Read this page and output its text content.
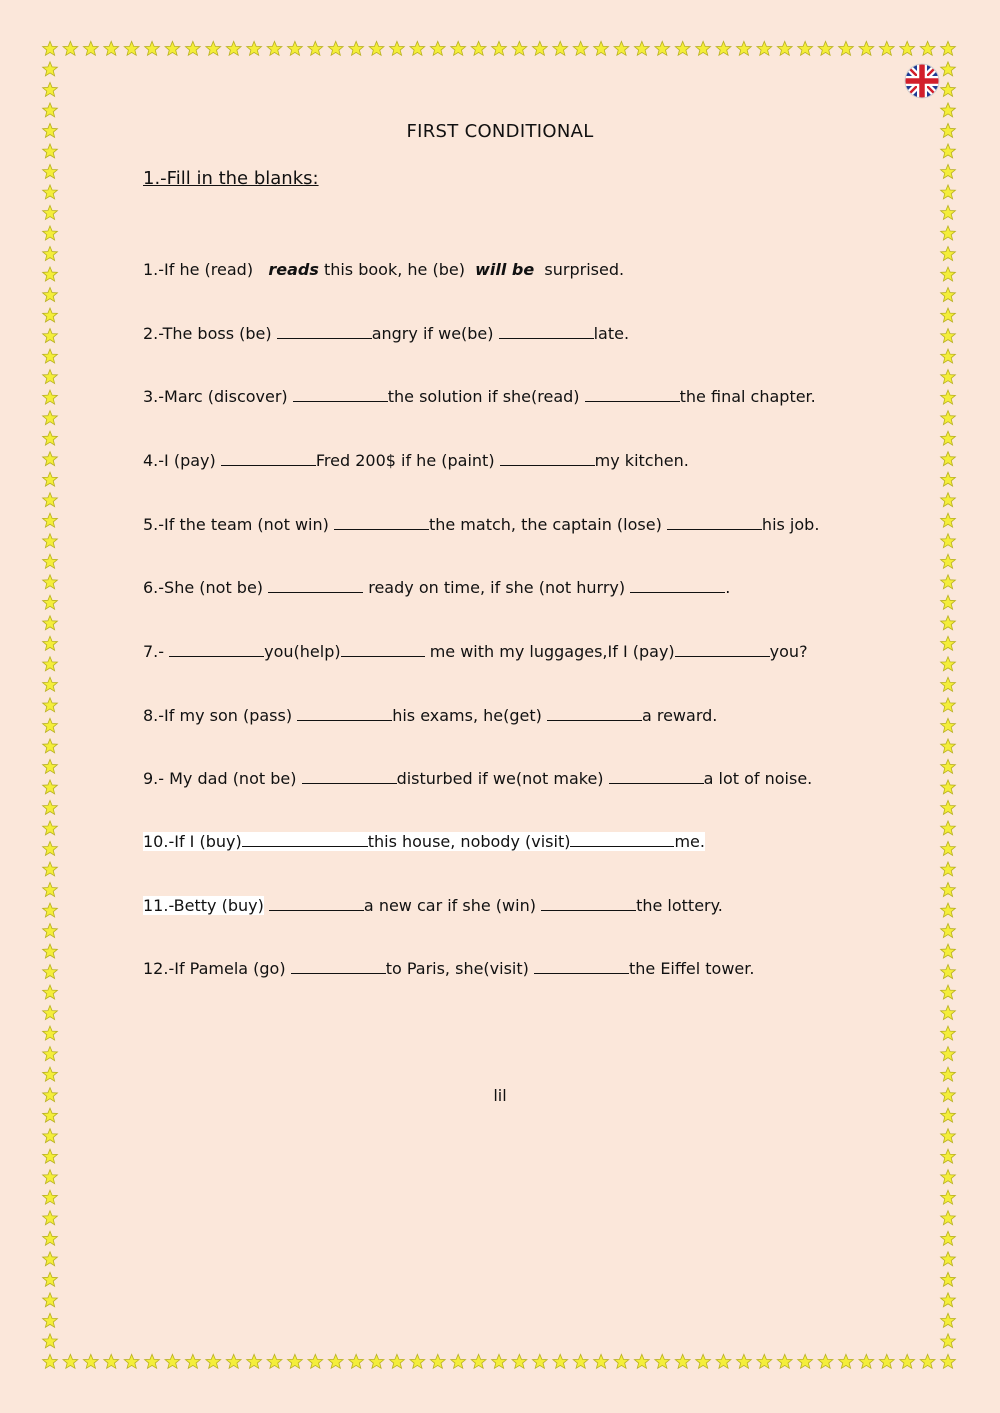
FIRST CONDITIONAL
1.-Fill in the blanks:
1.-If he (read) reads this book, he (be) will be surprised.
2.-The boss (be)	angry if we(be)	late.
3.-Marc (discover)	the solution if she(read)	the final chapter.
4.-I (pay)	Fred 200$ if he (paint)	my kitchen.
5.-If the team (not win)	the match, the captain (lose)	his job.
6.-She (not be)	ready on time, if she (not hurry)	.
7.-	you(help)	me with my luggages,If I (pay)	you?
8.-If my son (pass)	his exams, he(get)	a reward.
9.- My dad (not be)	disturbed if we(not make)	a lot of noise.
10.-If I (buy)	this house, nobody (visit)	me.
11.-Betty (buy)	a new car if she (win)	the lottery.
12.-If Pamela (go)	to Paris, she(visit)	the Eiffel tower.
lil
